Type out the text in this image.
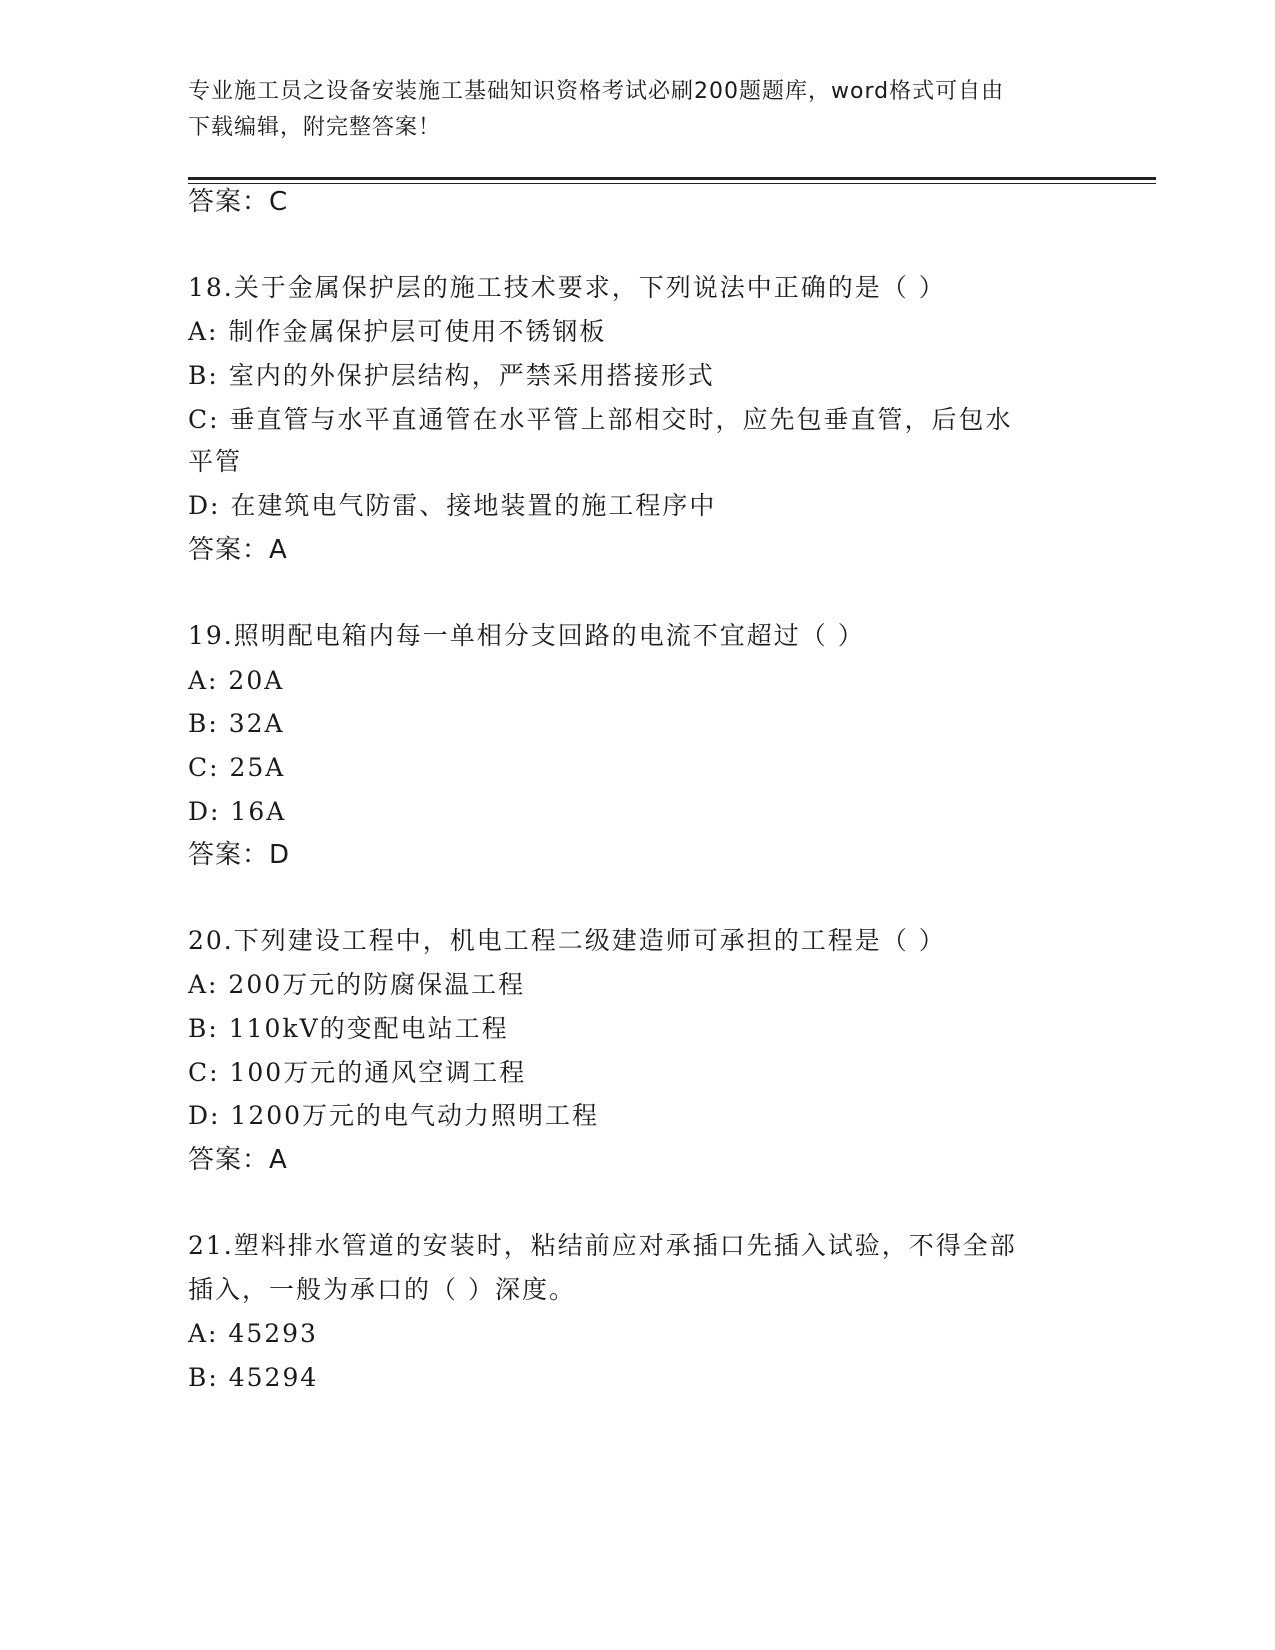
专业施工员之设备安装施工基础知识资格考试必刷200题题库，word格式可自由
下载编辑，附完整答案！
答案：C
18.关于金属保护层的施工技术要求，下列说法中正确的是（ ）
A: 制作金属保护层可使用不锈钢板
B: 室内的外保护层结构，严禁采用搭接形式
C: 垂直管与水平直通管在水平管上部相交时，应先包垂直管，后包水
平管
D: 在建筑电气防雷、接地装置的施工程序中
答案：A
19.照明配电箱内每一单相分支回路的电流不宜超过（ ）
A: 20A
B: 32A
C: 25A
D: 16A
答案：D
20.下列建设工程中，机电工程二级建造师可承担的工程是（ ）
A: 200万元的防腐保温工程
B: 110kV的变配电站工程
C: 100万元的通风空调工程
D: 1200万元的电气动力照明工程
答案：A
21.塑料排水管道的安装时，粘结前应对承插口先插入试验，不得全部
插入，一般为承口的（ ）深度。
A: 45293
B: 45294
